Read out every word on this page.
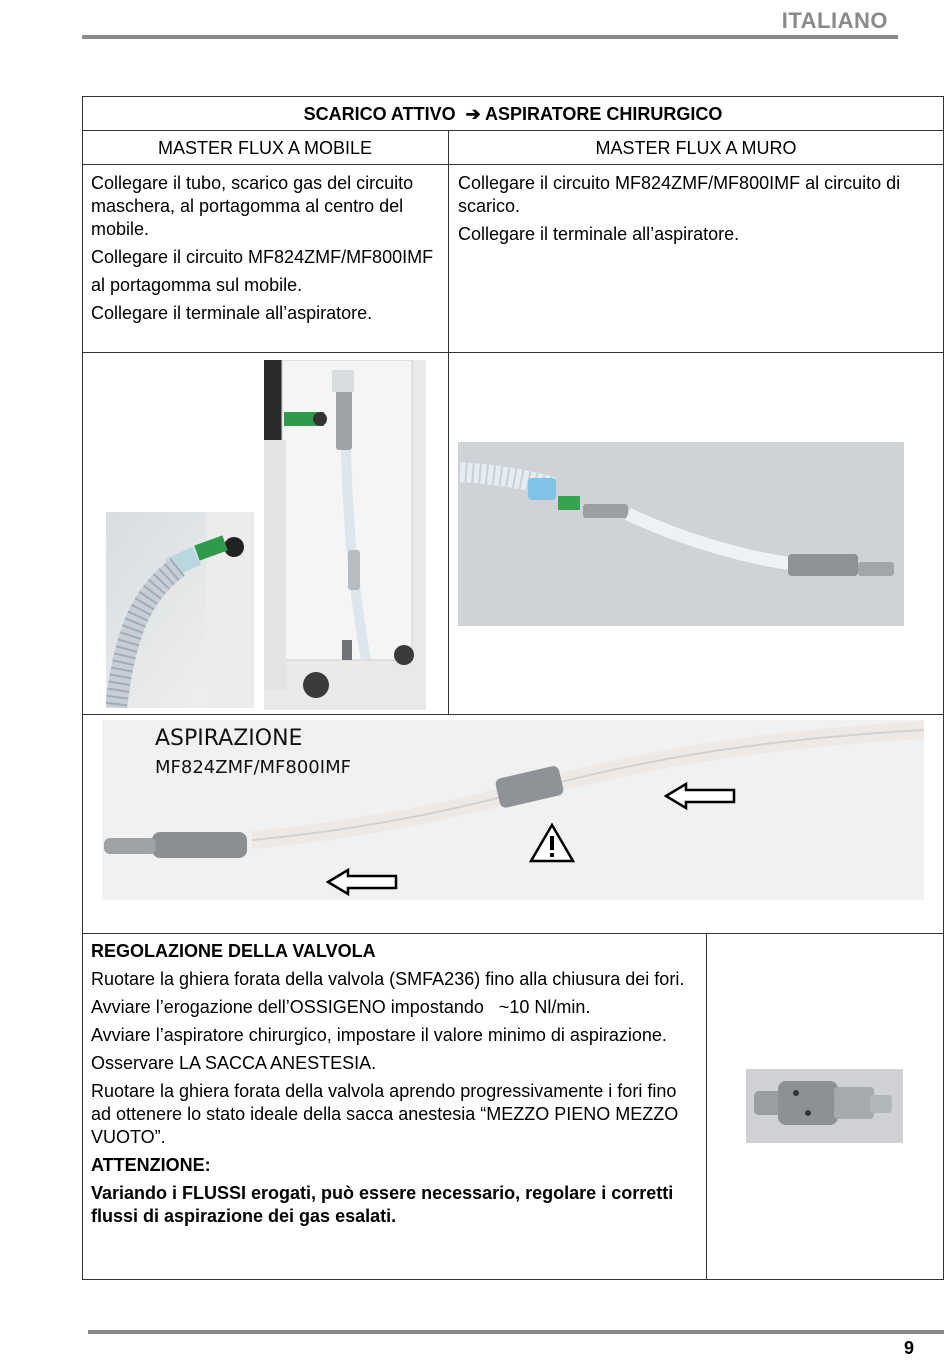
ITALIANO
SCARICO ATTIVO ➔ ASPIRATORE CHIRURGICO
MASTER FLUX A MOBILE	MASTER FLUX A MURO

Collegare il tubo, scarico gas del circuito maschera, al portagomma al centro del mobile.

Collegare il circuito MF824ZMF/MF800IMF

al portagomma sul mobile.

Collegare il terminale all’aspiratore.

Collegare il circuito MF824ZMF/MF800IMF al circuito di scarico.

Collegare il terminale all’aspiratore.

ASPIRAZIONE
MF824ZMF/MF800IMF

REGOLAZIONE DELLA VALVOLA

Ruotare la ghiera forata della valvola (SMFA236) fino alla chiusura dei fori.

Avviare l’erogazione dell’OSSIGENO impostando   ~10 Nl/min.

Avviare l’aspiratore chirurgico, impostare il valore minimo di aspirazione.

Osservare LA SACCA ANESTESIA.

Ruotare la ghiera forata della valvola aprendo progressivamente i fori fino ad ottenere lo stato ideale della sacca anestesia “MEZZO PIENO MEZZO VUOTO”.

ATTENZIONE:

Variando i FLUSSI erogati, può essere necessario, regolare i corretti flussi di aspirazione dei gas esalati.

9
